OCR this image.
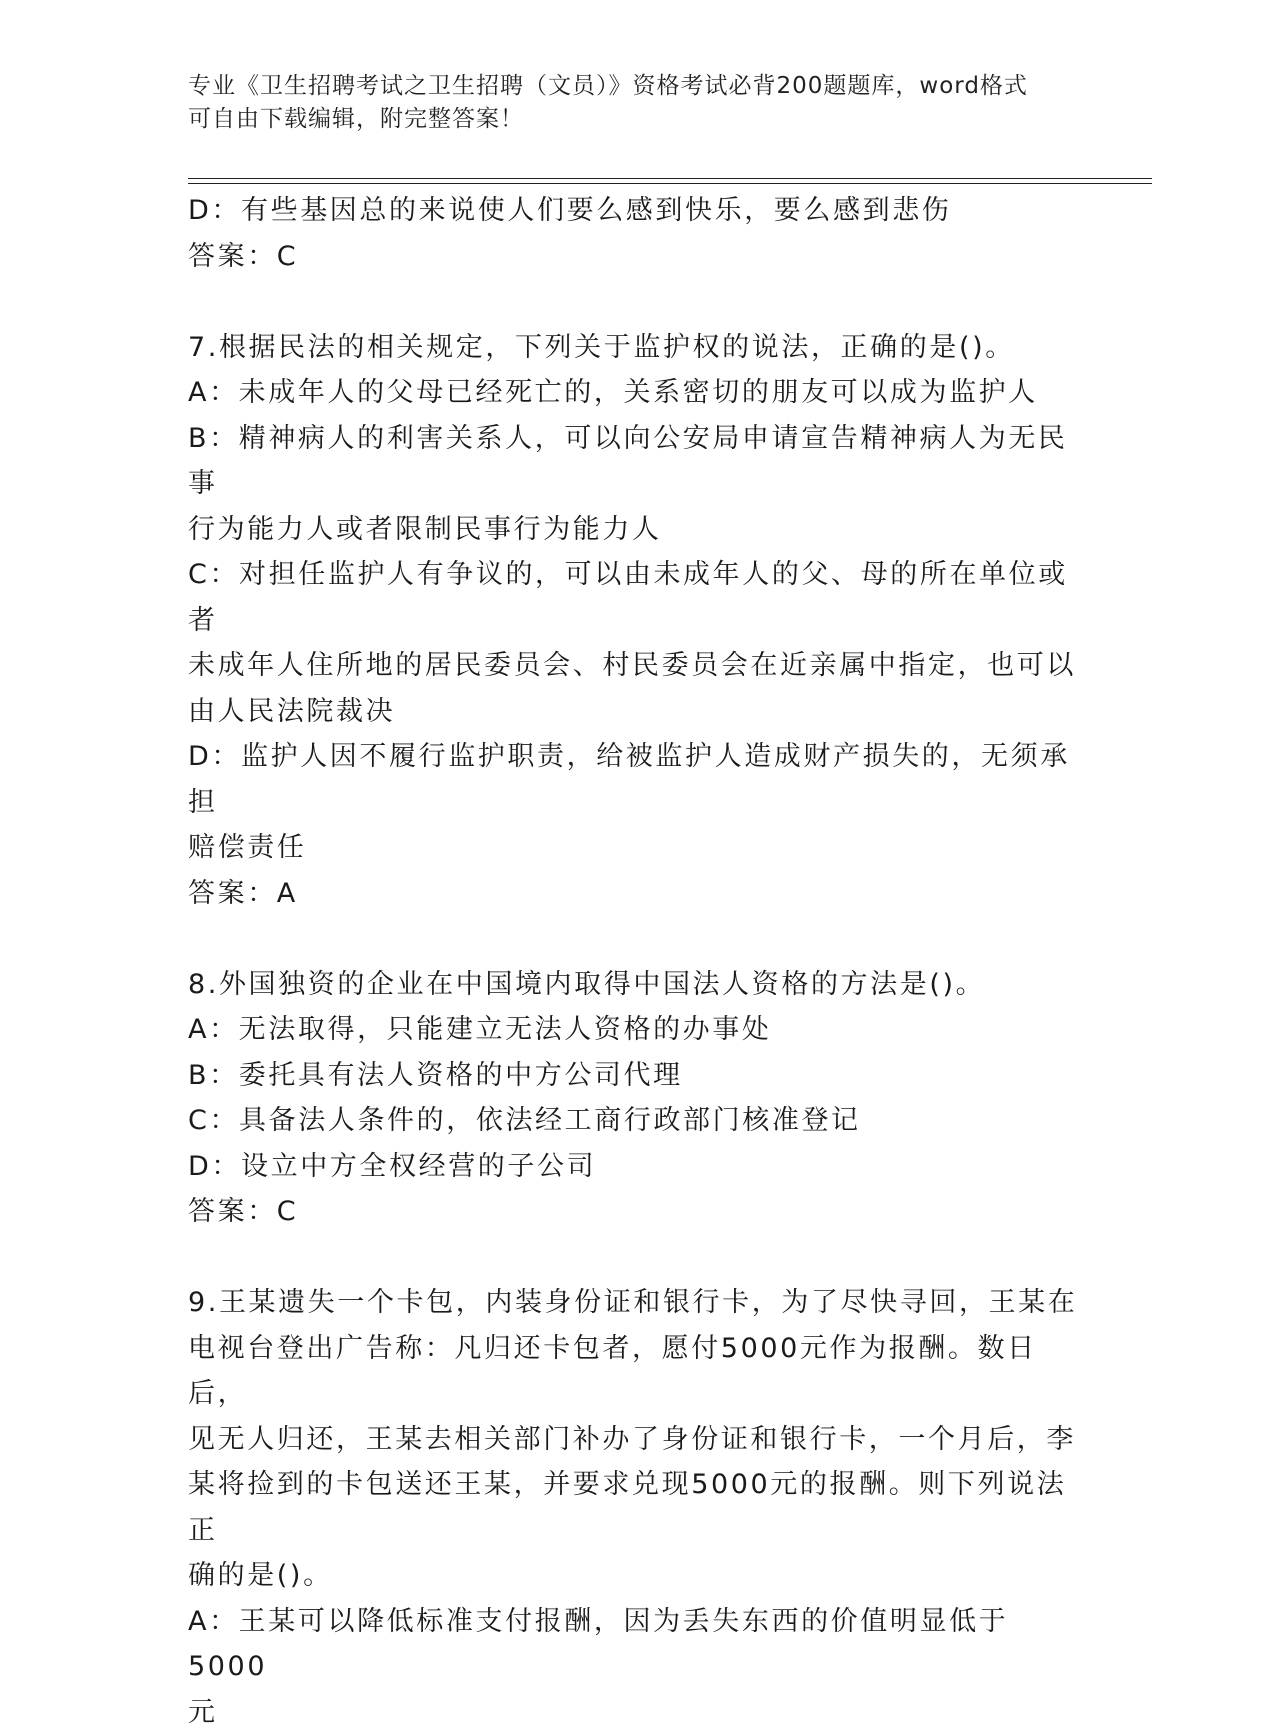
专业《卫生招聘考试之卫生招聘（文员）》资格考试必背200题题库，word格式
可自由下载编辑，附完整答案！
D：有些基因总的来说使人们要么感到快乐，要么感到悲伤
答案：C
7.根据民法的相关规定，下列关于监护权的说法，正确的是()。
A：未成年人的父母已经死亡的，关系密切的朋友可以成为监护人
B：精神病人的利害关系人，可以向公安局申请宣告精神病人为无民事
行为能力人或者限制民事行为能力人
C：对担任监护人有争议的，可以由未成年人的父、母的所在单位或者
未成年人住所地的居民委员会、村民委员会在近亲属中指定，也可以
由人民法院裁决
D：监护人因不履行监护职责，给被监护人造成财产损失的，无须承担
赔偿责任
答案：A
8.外国独资的企业在中国境内取得中国法人资格的方法是()。
A：无法取得，只能建立无法人资格的办事处
B：委托具有法人资格的中方公司代理
C：具备法人条件的，依法经工商行政部门核准登记
D：设立中方全权经营的子公司
答案：C
9.王某遗失一个卡包，内装身份证和银行卡，为了尽快寻回，王某在
电视台登出广告称：凡归还卡包者，愿付5000元作为报酬。数日后，
见无人归还，王某去相关部门补办了身份证和银行卡，一个月后，李
某将捡到的卡包送还王某，并要求兑现5000元的报酬。则下列说法正
确的是()。
A：王某可以降低标准支付报酬，因为丢失东西的价值明显低于5000
元
